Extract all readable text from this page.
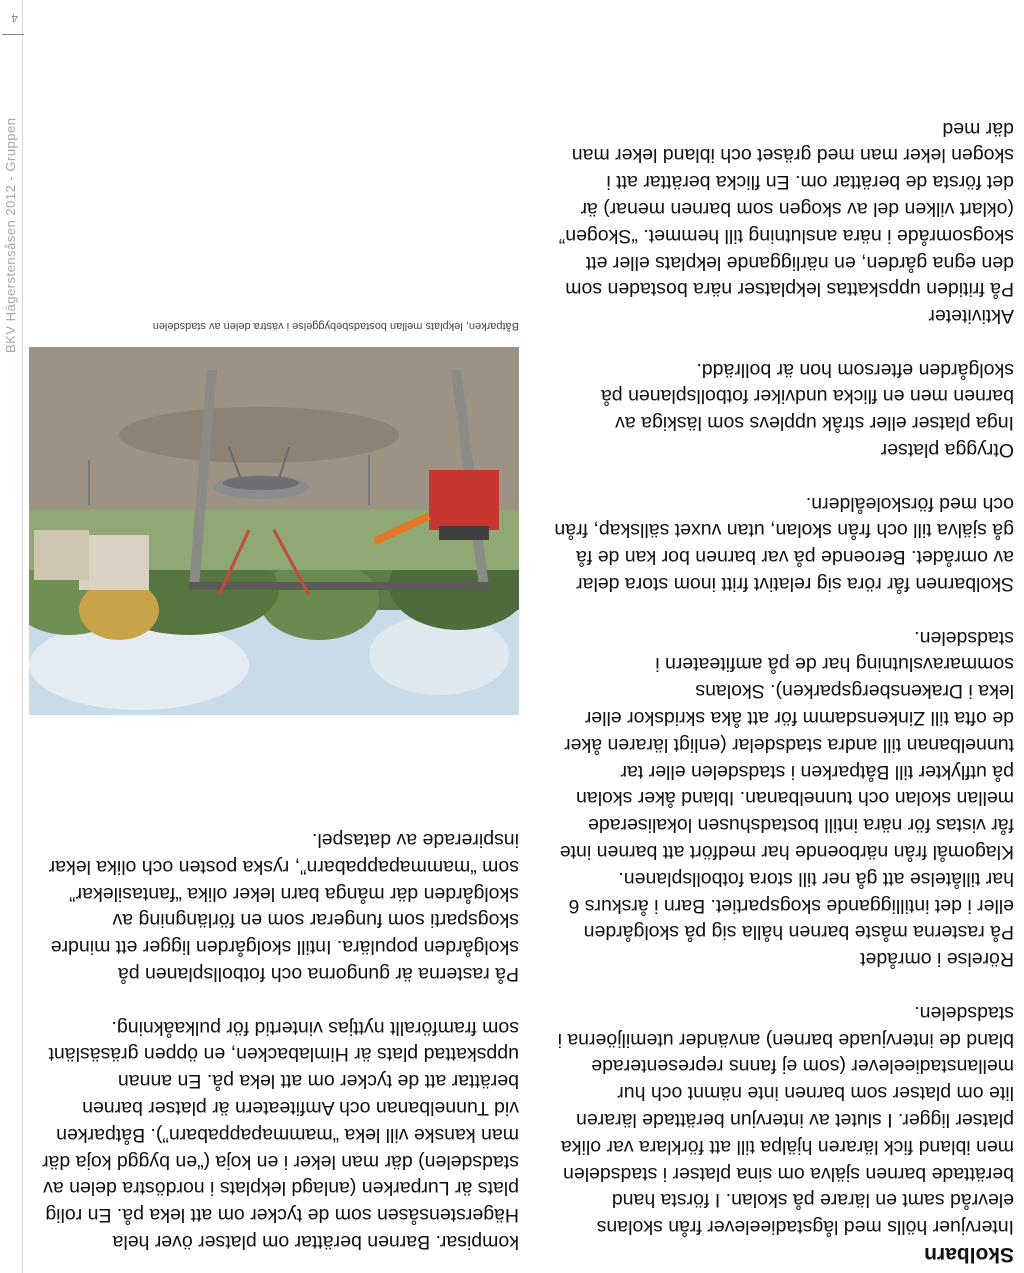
BKV Hägerstensåsen 2012 - Gruppen
4

Skolbarn
Intervjuer hölls med lågstadieelever från skolans elevråd samt en lärare på skolan. I första hand berättade barnen själva om sina platser i stadsdelen men ibland fick läraren hjälpa till att förklara var olika platser ligger. I slutet av intervjun berättade läraren lite om platser som barnen inte nämnt och hur mellanstadieelever (som ej fanns representerade bland de intervjuade barnen) använder utemiljöerna i stadsdelen.

Rörelse i området
På rasterna måste barnen hålla sig på skolgården eller i det intilliggande skogspartiet. Barn i årskurs 6 har tillåtelse att gå ner till stora fotbollsplanen. Klagomål från närboende har medfört att barnen inte får vistas för nära intill bostadshusen lokaliserade mellan skolan och tunnelbanan. Ibland åker skolan på utflykter till Båtparken i stadsdelen eller tar tunnelbanan till andra stadsdelar (enligt läraren åker de ofta till Zinkensdamm för att åka skridskor eller leka i Drakensbergsparken). Skolans sommaravslutning har de på amfiteatern i stadsdelen.

Skolbarnen får röra sig relativt fritt inom stora delar av området. Beroende på var barnen bor kan de få gå själva till och från skolan, utan vuxet sällskap, från och med förskoleåldern.

Otrygga platser
Inga platser eller stråk upplevs som läskiga av barnen men en flicka undviker fotbollsplanen på skolgården eftersom hon är bollrädd.

Aktiviteter
På fritiden uppskattas lekplatser nära bostaden som den egna gården, en närliggande lekplats eller ett skogsområde i nära anslutning till hemmet. “Skogen” (oklart vilken del av skogen som barnen menar) är det första de berättar om. En flicka berättar att i skogen leker man med gräset och ibland leker man där med

kompisar. Barnen berättar om platser över hela Hägerstensåsen som de tycker om att leka på. En rolig plats är Lurparken (anlagd lekplats i nordöstra delen av stadsdelen) där man leker i en koja (“en byggd koja där man kanske vill leka “mammapappabarn”). Båtparken vid Tunnelbanan och Amfiteatern är platser barnen berättar att de tycker om att leka på. En annan uppskattad plats är Himlabacken, en öppen gräsäslänt som framförallt nyttjas vintertid för pulkaåkning.

På rasterna är gungorna och fotbollsplanen på skolgården populära. Intill skolgården ligger ett mindre skogsparti som fungerar som en förlängning av skolgården där många barn leker olika “fantasilekar” som “mammapappabarn”, ryska posten och olika lekar inspirerade av dataspel.

Båtparken, lekplats mellan bostadsbebyggelse i västra delen av stadsdelen
